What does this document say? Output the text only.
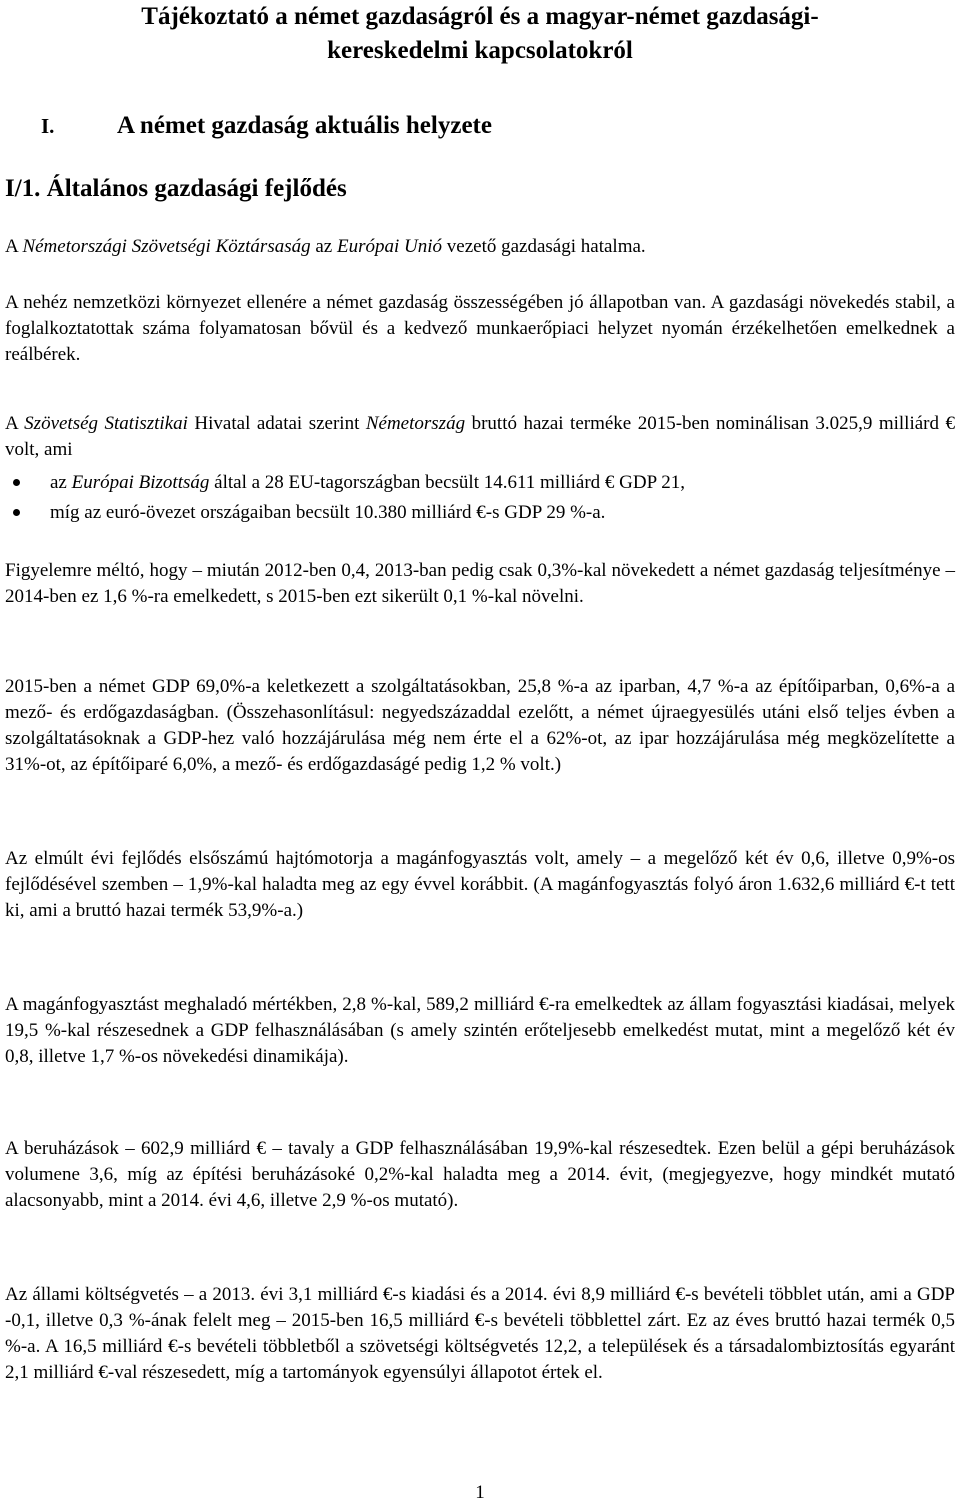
Tájékoztató a német gazdaságról és a magyar-német gazdasági-
kereskedelmi kapcsolatokról
I.	A német gazdaság aktuális helyzete
I/1. Általános gazdasági fejlődés

A Németországi Szövetségi Köztársaság az Európai Unió vezető gazdasági hatalma.

A nehéz nemzetközi környezet ellenére a német gazdaság összességében jó állapotban van. A gazdasági növekedés stabil, a foglalkoztatottak száma folyamatosan bővül és a kedvező munkaerőpiaci helyzet nyomán érzékelhetően emelkednek a reálbérek.

A Szövetség Statisztikai Hivatal adatai szerint Németország bruttó hazai terméke 2015-ben nominálisan 3.025,9 milliárd € volt, ami

az Európai Bizottság által a 28 EU-tagországban becsült 14.611 milliárd € GDP 21,
míg az euró-övezet országaiban becsült 10.380 milliárd €-s GDP 29 %-a.

Figyelemre méltó, hogy – miután 2012-ben 0,4, 2013-ban pedig csak 0,3%-kal növekedett a német gazdaság teljesítménye – 2014-ben ez 1,6 %-ra emelkedett, s 2015-ben ezt sikerült 0,1 %-kal növelni.

2015-ben a német GDP 69,0%-a keletkezett a szolgáltatásokban, 25,8 %-a az iparban, 4,7 %-a az építőiparban, 0,6%-a a mező- és erdőgazdaságban. (Összehasonlításul: negyedszázaddal ezelőtt, a német újraegyesülés utáni első teljes évben a szolgáltatásoknak a GDP-hez való hozzájárulása még nem érte el a 62%-ot, az ipar hozzájárulása még megközelítette a 31%-ot, az építőiparé 6,0%, a mező- és erdőgazdaságé pedig 1,2 % volt.)

Az elmúlt évi fejlődés elsőszámú hajtómotorja a magánfogyasztás volt, amely – a megelőző két év 0,6, illetve 0,9%-os fejlődésével szemben – 1,9%-kal haladta meg az egy évvel korábbit. (A magánfogyasztás folyó áron 1.632,6 milliárd €-t tett ki, ami a bruttó hazai termék 53,9%-a.)

A magánfogyasztást meghaladó mértékben, 2,8 %-kal, 589,2 milliárd €-ra emelkedtek az állam fogyasztási kiadásai, melyek 19,5 %-kal részesednek a GDP felhasználásában (s amely szintén erőteljesebb emelkedést mutat, mint a megelőző két év 0,8, illetve 1,7 %-os növekedési dinamikája).

A beruházások – 602,9 milliárd € – tavaly a GDP felhasználásában 19,9%-kal részesedtek. Ezen belül a gépi beruházások volumene 3,6, míg az építési beruházásoké 0,2%-kal haladta meg a 2014. évit, (megjegyezve, hogy mindkét mutató alacsonyabb, mint a 2014. évi 4,6, illetve 2,9 %-os mutató).

Az állami költségvetés – a 2013. évi 3,1 milliárd €-s kiadási és a 2014. évi 8,9 milliárd €-s bevételi többlet után, ami a GDP -0,1, illetve 0,3 %-ának felelt meg – 2015-ben 16,5 milliárd €-s bevételi többlettel zárt. Ez az éves bruttó hazai termék 0,5 %-a. A 16,5 milliárd €-s bevételi többletből a szövetségi költségvetés 12,2, a települések és a társadalombiztosítás egyaránt 2,1 milliárd €-val részesedett, míg a tartományok egyensúlyi állapotot értek el.

1
